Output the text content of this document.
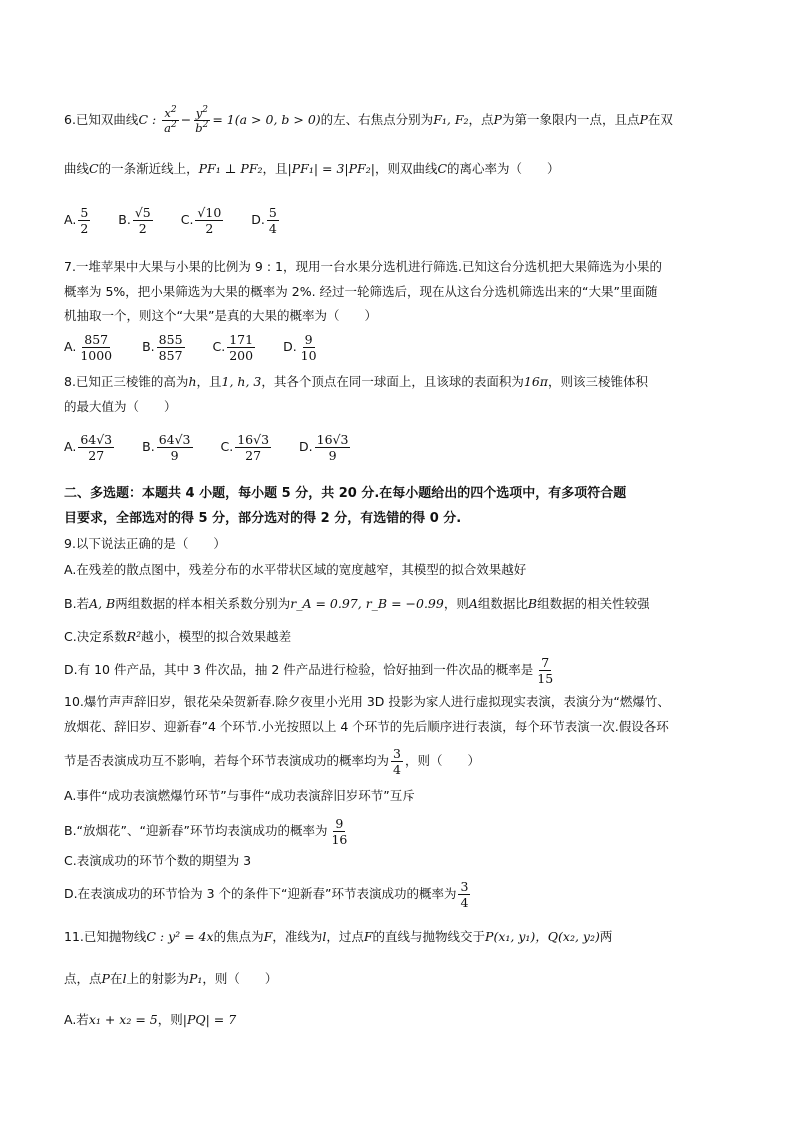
6.已知双曲线C : $\frac{x^2}{a^2} - \frac{y^2}{b^2} = 1(a > 0$, b > 0)的左、右焦点分别为F₁, F₂，点P为第一象限内一点，且点P在双
曲线C的一条渐近线上，PF₁ ⊥ PF₂，且|PF₁| = 3|PF₂|，则双曲线C的离心率为（　　）
A. $\frac{5}{2} B$. $\frac{√5}{2} C$. $\frac{√10}{2} D$. $\frac{5}{4}$
7.一堆苹果中大果与小果的比例为 9 : 1，现用一台水果分选机进行筛选.已知这台分选机把大果筛选为小果的
概率为 5%，把小果筛选为大果的概率为 2%. 经过一轮筛选后，现在从这台分选机筛选出来的“大果”里面随
机抽取一个，则这个“大果”是真的大果的概率为（　　）
A. $\frac{857}{1000} B$. $\frac{855}{857} C$. $\frac{171}{200} D$. $\frac{9}{10}$
8.已知正三棱锥的高为h，且1, h, 3，其各个顶点在同一球面上，且该球的表面积为16π，则该三棱锥体积
的最大值为（　　）
A. $\frac{64√3}{27} B$. $\frac{64√3}{9} C$. $\frac{16√3}{27} D$. $\frac{16√3}{9}$
二、多选题：本题共 4 小题，每小题 5 分，共 20 分.在每小题给出的四个选项中，有多项符合题
目要求，全部选对的得 5 分，部分选对的得 2 分，有选错的得 0 分.
9.以下说法正确的是（　　）
A.在残差的散点图中，残差分布的水平带状区域的宽度越窄，其模型的拟合效果越好
B.若A, B两组数据的样本相关系数分别为r_A = 0.97, r_B = −0.99，则A组数据比B组数据的相关性较强
C.决定系数R²越小，模型的拟合效果越差
D.有 10 件产品，其中 3 件次品，抽 2 件产品进行检验，恰好抽到一件次品的概率是 $\frac{7}{15}$
10.爆竹声声辞旧岁，银花朵朵贺新春.除夕夜里小光用 3D 投影为家人进行虚拟现实表演，表演分为“燃爆竹、
放烟花、辞旧岁、迎新春”4 个环节.小光按照以上 4 个环节的先后顺序进行表演，每个环节表演一次.假设各环
节是否表演成功互不影响，若每个环节表演成功的概率均为 $\frac{3}{4}$ ，则（　　）
A.事件“成功表演燃爆竹环节”与事件“成功表演辞旧岁环节”互斥
B.“放烟花”、“迎新春”环节均表演成功的概率为 $\frac{9}{16}$
C.表演成功的环节个数的期望为 3
D.在表演成功的环节恰为 3 个的条件下“迎新春”环节表演成功的概率为 $\frac{3}{4}$
11.已知抛物线C : y² = 4x的焦点为F，准线为l，过点F的直线与抛物线交于P(x₁, y₁)，Q(x₂, y₂)两
点，点P在l上的射影为P₁，则（　　）
A.若x₁ + x₂ = 5，则|PQ| = 7
